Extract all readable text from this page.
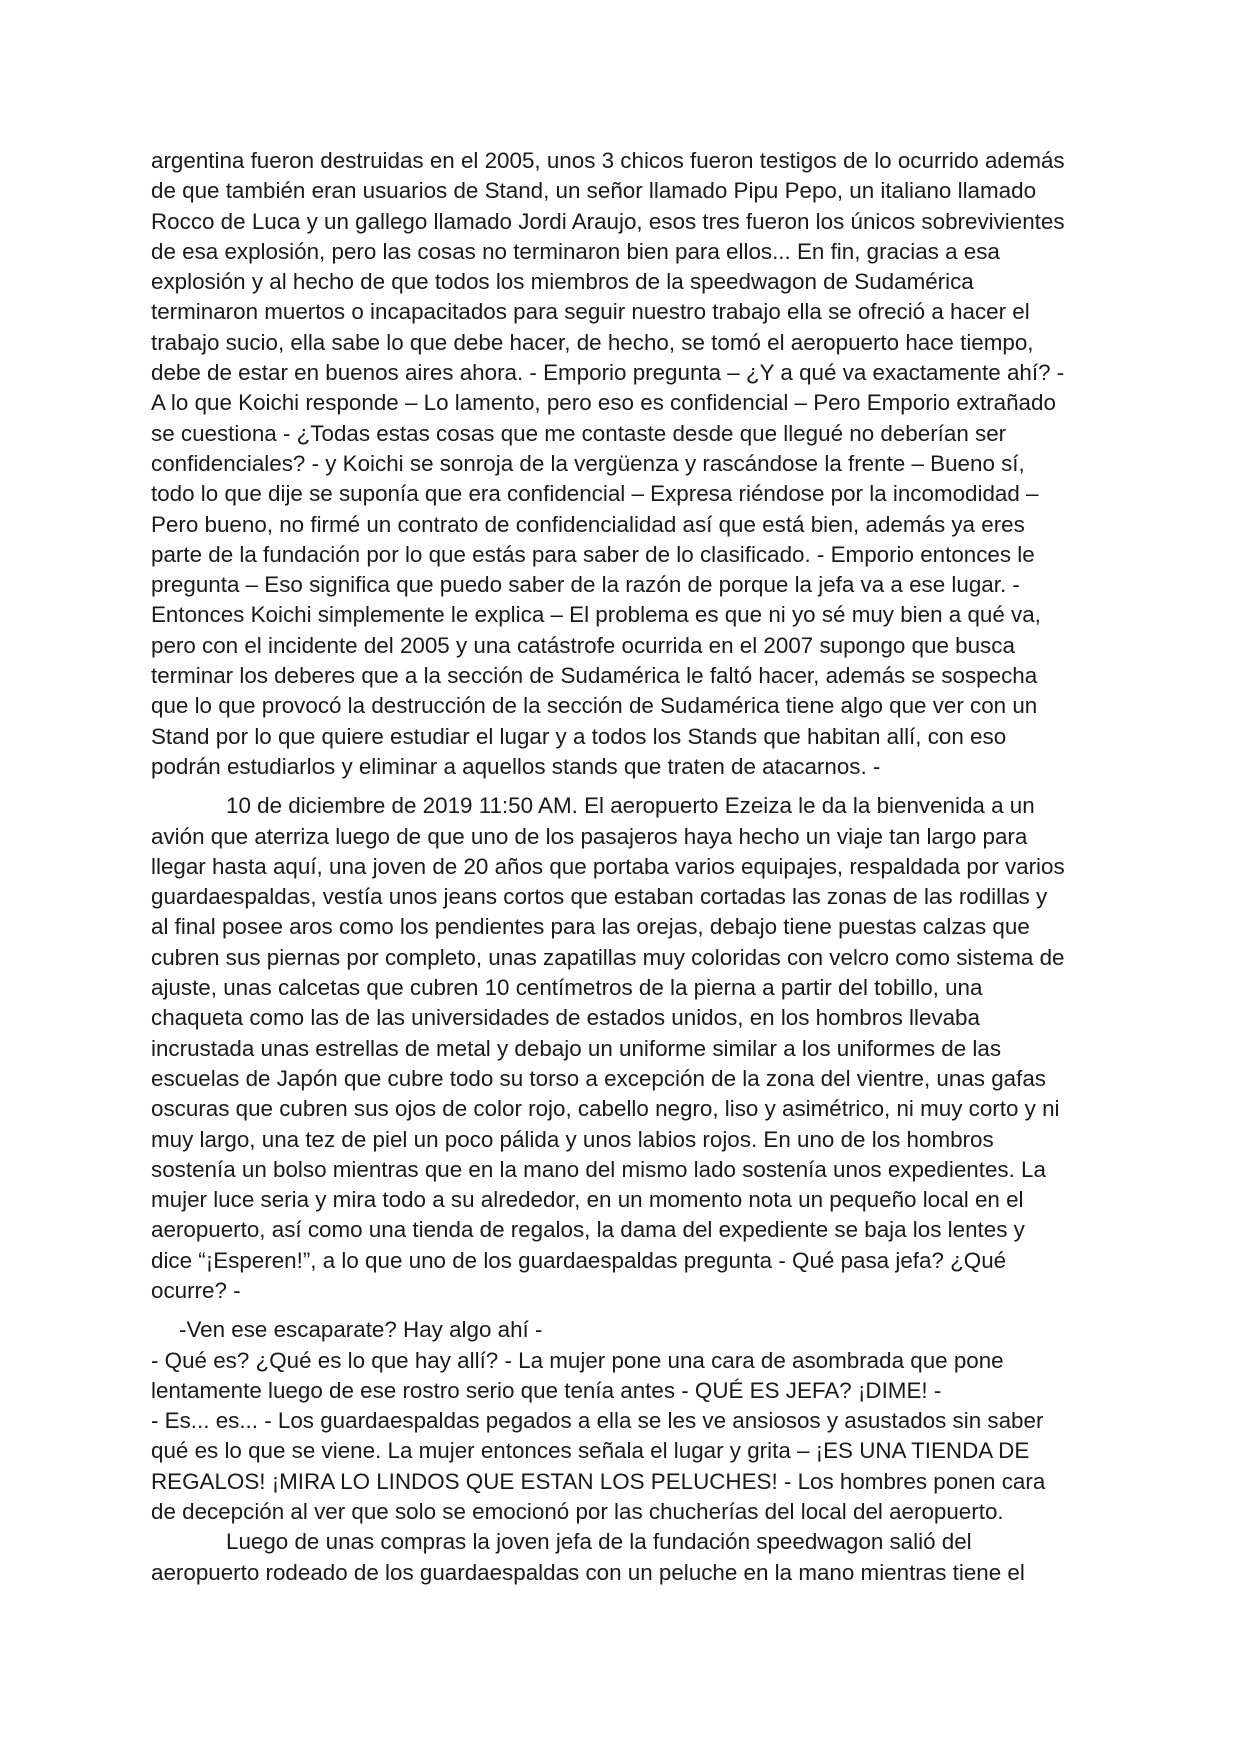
argentina fueron destruidas en el 2005, unos 3 chicos fueron testigos de lo ocurrido además
de que también eran usuarios de Stand, un señor llamado Pipu Pepo, un italiano llamado
Rocco de Luca y un gallego llamado Jordi Araujo, esos tres fueron los únicos sobrevivientes
de esa explosión, pero las cosas no terminaron bien para ellos... En fin, gracias a esa
explosión y al hecho de que todos los miembros de la speedwagon de Sudamérica
terminaron muertos o incapacitados para seguir nuestro trabajo ella se ofreció a hacer el
trabajo sucio, ella sabe lo que debe hacer, de hecho, se tomó el aeropuerto hace tiempo,
debe de estar en buenos aires ahora. - Emporio pregunta – ¿Y a qué va exactamente ahí? -
A lo que Koichi responde – Lo lamento, pero eso es confidencial – Pero Emporio extrañado
se cuestiona - ¿Todas estas cosas que me contaste desde que llegué no deberían ser
confidenciales? - y Koichi se sonroja de la vergüenza y rascándose la frente – Bueno sí,
todo lo que dije se suponía que era confidencial – Expresa riéndose por la incomodidad –
Pero bueno, no firmé un contrato de confidencialidad así que está bien, además ya eres
parte de la fundación por lo que estás para saber de lo clasificado. - Emporio entonces le
pregunta – Eso significa que puedo saber de la razón de porque la jefa va a ese lugar. -
Entonces Koichi simplemente le explica – El problema es que ni yo sé muy bien a qué va,
pero con el incidente del 2005 y una catástrofe ocurrida en el 2007 supongo que busca
terminar los deberes que a la sección de Sudamérica le faltó hacer, además se sospecha
que lo que provocó la destrucción de la sección de Sudamérica tiene algo que ver con un
Stand por lo que quiere estudiar el lugar y a todos los Stands que habitan allí, con eso
podrán estudiarlos y eliminar a aquellos stands que traten de atacarnos. -
10 de diciembre de 2019 11:50 AM. El aeropuerto Ezeiza le da la bienvenida a un
avión que aterriza luego de que uno de los pasajeros haya hecho un viaje tan largo para
llegar hasta aquí, una joven de 20 años que portaba varios equipajes, respaldada por varios
guardaespaldas, vestía unos jeans cortos que estaban cortadas las zonas de las rodillas y
al final posee aros como los pendientes para las orejas, debajo tiene puestas calzas que
cubren sus piernas por completo, unas zapatillas muy coloridas con velcro como sistema de
ajuste, unas calcetas que cubren 10 centímetros de la pierna a partir del tobillo, una
chaqueta como las de las universidades de estados unidos, en los hombros llevaba
incrustada unas estrellas de metal y debajo un uniforme similar a los uniformes de las
escuelas de Japón que cubre todo su torso a excepción de la zona del vientre, unas gafas
oscuras que cubren sus ojos de color rojo, cabello negro, liso y asimétrico, ni muy corto y ni
muy largo, una tez de piel un poco pálida y unos labios rojos. En uno de los hombros
sostenía un bolso mientras que en la mano del mismo lado sostenía unos expedientes. La
mujer luce seria y mira todo a su alrededor, en un momento nota un pequeño local en el
aeropuerto, así como una tienda de regalos, la dama del expediente se baja los lentes y
dice “¡Esperen!”, a lo que uno de los guardaespaldas pregunta - Qué pasa jefa? ¿Qué
ocurre? -
-Ven ese escaparate? Hay algo ahí -
- Qué es? ¿Qué es lo que hay allí? - La mujer pone una cara de asombrada que pone
lentamente luego de ese rostro serio que tenía antes - QUÉ ES JEFA? ¡DIME! -
- Es... es... - Los guardaespaldas pegados a ella se les ve ansiosos y asustados sin saber
qué es lo que se viene. La mujer entonces señala el lugar y grita – ¡ES UNA TIENDA DE
REGALOS! ¡MIRA LO LINDOS QUE ESTAN LOS PELUCHES! - Los hombres ponen cara
de decepción al ver que solo se emocionó por las chucherías del local del aeropuerto.
Luego de unas compras la joven jefa de la fundación speedwagon salió del
aeropuerto rodeado de los guardaespaldas con un peluche en la mano mientras tiene el
